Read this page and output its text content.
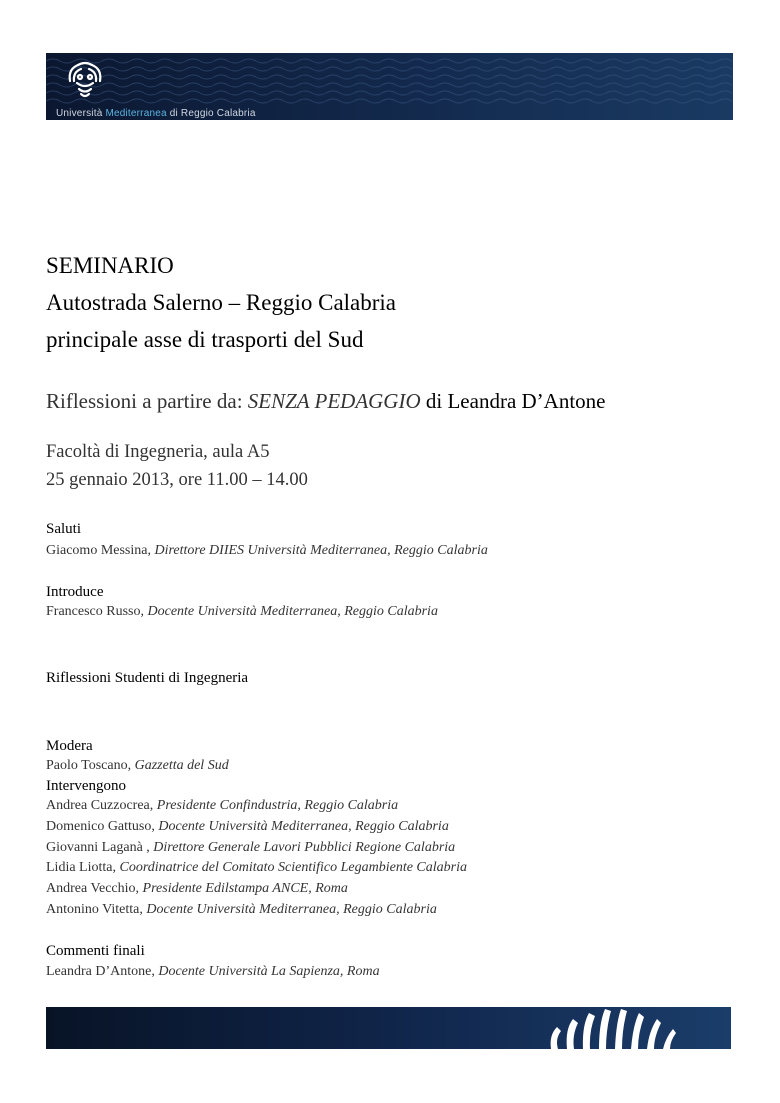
Università Mediterranea di Reggio Calabria
SEMINARIO
Autostrada Salerno – Reggio Calabria
principale asse di trasporti del Sud
Riflessioni a partire da: SENZA PEDAGGIO di Leandra D’Antone
Facoltà di Ingegneria, aula A5
25 gennaio 2013, ore 11.00 – 14.00
Saluti
Giacomo Messina, Direttore DIIES Università Mediterranea, Reggio Calabria
Introduce
Francesco Russo, Docente Università Mediterranea, Reggio Calabria
Riflessioni Studenti di Ingegneria
Modera
Paolo Toscano, Gazzetta del Sud
Intervengono
Andrea Cuzzocrea, Presidente Confindustria, Reggio Calabria
Domenico Gattuso, Docente Università Mediterranea, Reggio Calabria
Giovanni Laganà , Direttore Generale Lavori Pubblici Regione Calabria
Lidia Liotta, Coordinatrice del Comitato Scientifico Legambiente Calabria
Andrea Vecchio, Presidente Edilstampa ANCE, Roma
Antonino Vitetta, Docente Università Mediterranea, Reggio Calabria
Commenti finali
Leandra D’Antone, Docente Università La Sapienza, Roma
